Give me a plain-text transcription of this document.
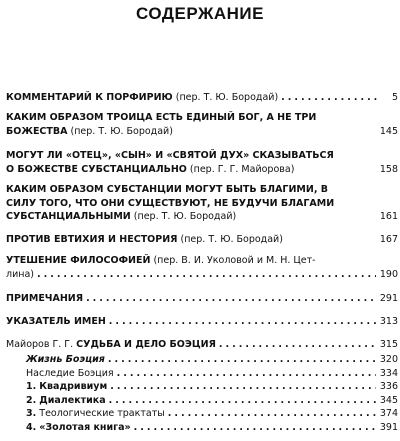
СОДЕРЖАНИЕ
КОММЕНТАРИЙ К ПОРФИРИЮ
(пер. Т. Ю. Бородай) .....	5
КАКИМ ОБРАЗОМ ТРОИЦА ЕСТЬ ЕДИНЫЙ БОГ, А НЕ ТРИ
БОЖЕСТВА
(пер. Т. Ю. Бородай)	145
МОГУТ ЛИ «ОТЕЦ», «СЫН» И «СВЯТОЙ ДУХ» СКАЗЫВАТЬСЯ
О БОЖЕСТВЕ СУБСТАНЦИАЛЬНО
(пер. Г. Г. Майорова)	158
КАКИМ ОБРАЗОМ СУБСТАНЦИИ МОГУТ БЫТЬ БЛАГИМИ, В
СИЛУ ТОГО, ЧТО ОНИ СУЩЕСТВУЮТ, НЕ БУДУЧИ БЛАГАМИ
СУБСТАНЦИАЛЬНЫМИ
(пер. Т. Ю. Бородай)	161
ПРОТИВ ЕВТИХИЯ И НЕСТОРИЯ
(пер. Т. Ю. Бородай)	167
УТЕШЕНИЕ ФИЛОСОФИЕЙ
(пер. В. И. Уколовой и М. Н. Цет-
лина) .....	190
ПРИМЕЧАНИЯ .....	291
УКАЗАТЕЛЬ ИМЕН .....	313
Майоров Г. Г.
СУДЬБА И ДЕЛО БОЭЦИЯ .....	315
Жизнь Боэция .....	320
Наследие Боэция .....	334
1.
Квадривиум .....	336
2.
Диалектика .....	345
3.
Теологические трактаты .....	374
4.
«Золотая книга» .....	391
